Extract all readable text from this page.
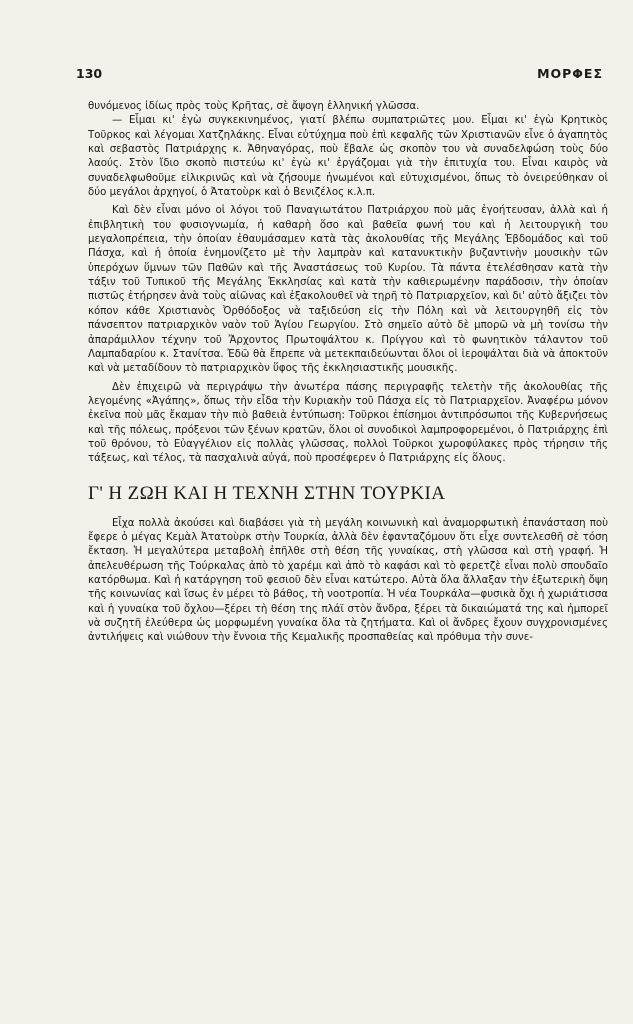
130	ΜΟΡΦΕΣ

θυνόμενος ἰδίως πρὸς τοὺς Κρῆτας, σὲ ἄψογη ἑλληνική γλῶσσα.

— Εἶμαι κι' ἐγὼ συγκεκινημένος, γιατί βλέπω συμπατριῶτες μου. Εἶμαι κι' ἐγὼ Κρητικὸς Τοῦρκος καὶ λέγομαι Χατζηλάκης. Εἶναι εὐτύχημα ποὺ ἐπὶ κεφαλῆς τῶν Χριστιανῶν εἶνε ὁ ἀγαπητὸς καὶ σεβαστὸς Πατριάρχης κ. Ἀθηναγόρας, ποὺ ἔβαλε ὡς σκοπὸν του νὰ συναδελφώση τοὺς δύο λαούς. Στὸν ἴδιο σκοπὸ πιστεύω κι' ἐγὼ κι' ἐργάζομαι γιὰ τὴν ἐπιτυχία του. Εἶναι καιρὸς νὰ συναδελφωθοῦμε εἰλικρινῶς καὶ νὰ ζήσουμε ἡνωμένοι καὶ εὐτυχισμένοι, ὅπως τὸ ὀνειρεύθηκαν οἱ δύο μεγάλοι ἀρχηγοί, ὁ Ἀτατοὺρκ καὶ ὁ Βενιζέλος κ.λ.π.

Καὶ δὲν εἶναι μόνο οἱ λόγοι τοῦ Παναγιωτάτου Πατριάρχου ποὺ μᾶς ἐγοήτευσαν, ἀλλὰ καὶ ἡ ἐπιβλητικὴ του φυσιογνωμία, ἡ καθαρὴ ὅσο καὶ βαθεῖα φωνή του καὶ ἡ λειτουργικὴ του μεγαλοπρέπεια, τὴν ὁποίαν ἐθαυμάσαμεν κατὰ τὰς ἀκολουθίας τῆς Μεγάλης Ἑβδομάδος καὶ τοῦ Πάσχα, καὶ ἡ ὁποία ἐνημονίζετο μὲ τὴν λαμπρὰν καὶ κατανυκτικὴν βυζαντινὴν μουσικὴν τῶν ὑπερόχων ὕμνων τῶν Παθῶν καὶ τῆς Ἀναστάσεως τοῦ Κυρίου. Τὰ πάντα ἐτελέσθησαν κατὰ τὴν τάξιν τοῦ Τυπικοῦ τῆς Μεγάλης Ἐκκλησίας καὶ κατὰ τὴν καθιερωμένην παράδοσιν, τὴν ὁποίαν πιστῶς ἐτήρησεν ἀνὰ τοὺς αἰῶνας καὶ ἐξακολουθεῖ νὰ τηρῆ τὸ Πατριαρχεῖον, καὶ δι' αὐτὸ ἄξιζει τὸν κόπον κάθε Χριστιανὸς Ὀρθόδοξος νὰ ταξιδεύση εἰς τὴν Πόλη καὶ νὰ λειτουργηθῆ εἰς τὸν πάνσεπτον πατριαρχικὸν ναὸν τοῦ Ἁγίου Γεωργίου. Στὸ σημεῖο αὐτὸ δὲ μπορῶ νὰ μὴ τονίσω τὴν ἀπαράμιλλον τέχνην τοῦ Ἄρχοντος Πρωτοψάλτου κ. Πρίγγου καὶ τὸ φωνητικὸν τάλαντον τοῦ Λαμπαδαρίου κ. Στανίτσα. Ἐδῶ θὰ ἔπρεπε νὰ μετεκπαιδεύωνται ὅλοι οἱ ἱεροψάλται διὰ νὰ ἀποκτοῦν καὶ νὰ μεταδίδουν τὸ πατριαρχικὸν ὕφος τῆς ἐκκλησιαστικῆς μουσικῆς.

Δὲν ἐπιχειρῶ νὰ περιγράψω τὴν ἀνωτέρα πάσης περιγραφῆς τελετὴν τῆς ἀκολουθίας τῆς λεγομένης «Ἀγάπης», ὅπως τὴν εἶδα τὴν Κυριακὴν τοῦ Πάσχα εἰς τὸ Πατριαρχεῖον. Ἀναφέρω μόνον ἐκεῖνα ποὺ μᾶς ἔκαμαν τὴν πιὸ βαθειὰ ἐντύπωση: Τοῦρκοι ἐπίσημοι ἀντιπρόσωποι τῆς Κυβερνήσεως καὶ τῆς πόλεως, πρόξενοι τῶν ξένων κρατῶν, ὅλοι οἱ συνοδικοὶ λαμπροφορεμένοι, ὁ Πατριάρχης ἐπὶ τοῦ θρόνου, τὸ Εὐαγγέλιον εἰς πολλὰς γλῶσσας, πολλοὶ Τοῦρκοι χωροφύλακες πρὸς τήρησιν τῆς τάξεως, καὶ τέλος, τὰ πασχαλινὰ αὐγά, ποὺ προσέφερεν ὁ Πατριάρχης εἰς ὅλους.

Γ' Η ΖΩΗ ΚΑΙ Η ΤΕΧΝΗ ΣΤΗΝ ΤΟΥΡΚΙΑ

Εἶχα πολλὰ ἀκούσει καὶ διαβάσει γιὰ τὴ μεγάλη κοινωνικὴ καὶ ἀναμορφωτικὴ ἐπανάσταση ποὺ ἔφερε ὁ μέγας Κεμὰλ Ἀτατοὺρκ στὴν Τουρκία, ἀλλὰ δὲν ἐφανταζόμουν ὅτι εἶχε συντελεσθῆ σὲ τόση ἔκταση. Ἡ μεγαλύτερα μεταβολὴ ἐπῆλθε στὴ θέση τῆς γυναίκας, στὴ γλῶσσα καὶ στὴ γραφή. Ἡ ἀπελευθέρωση τῆς Τούρκαλας ἀπὸ τὸ χαρέμι καὶ ἀπὸ τὸ καφάσι καὶ τὸ φερετζὲ εἶναι πολὺ σπουδαῖο κατόρθωμα. Καὶ ἡ κατάργηση τοῦ φεσιοῦ δὲν εἶναι κατώτερο. Αὐτὰ ὅλα ἄλλαξαν τὴν ἐξωτερικὴ ὄψη τῆς κοινωνίας καὶ ἴσως ἐν μέρει τὸ βάθος, τὴ νοοτροπία. Ἡ νέα Τουρκάλα—φυσικὰ ὄχι ἡ χωριάτισσα καὶ ἡ γυναίκα τοῦ ὄχλου—ξέρει τὴ θέση της πλάϊ στὸν ἄνδρα, ξέρει τὰ δικαιώματά της καὶ ἠμπορεῖ νὰ συζητῆ ἐλεύθερα ὡς μορφωμένη γυναίκα ὅλα τὰ ζητήματα. Καὶ οἱ ἄνδρες ἔχουν συγχρονισμένες ἀντιλήψεις καὶ νιώθουν τὴν ἔννοια τῆς Κεμαλικῆς προσπαθείας καὶ πρόθυμα τὴν συνε-
